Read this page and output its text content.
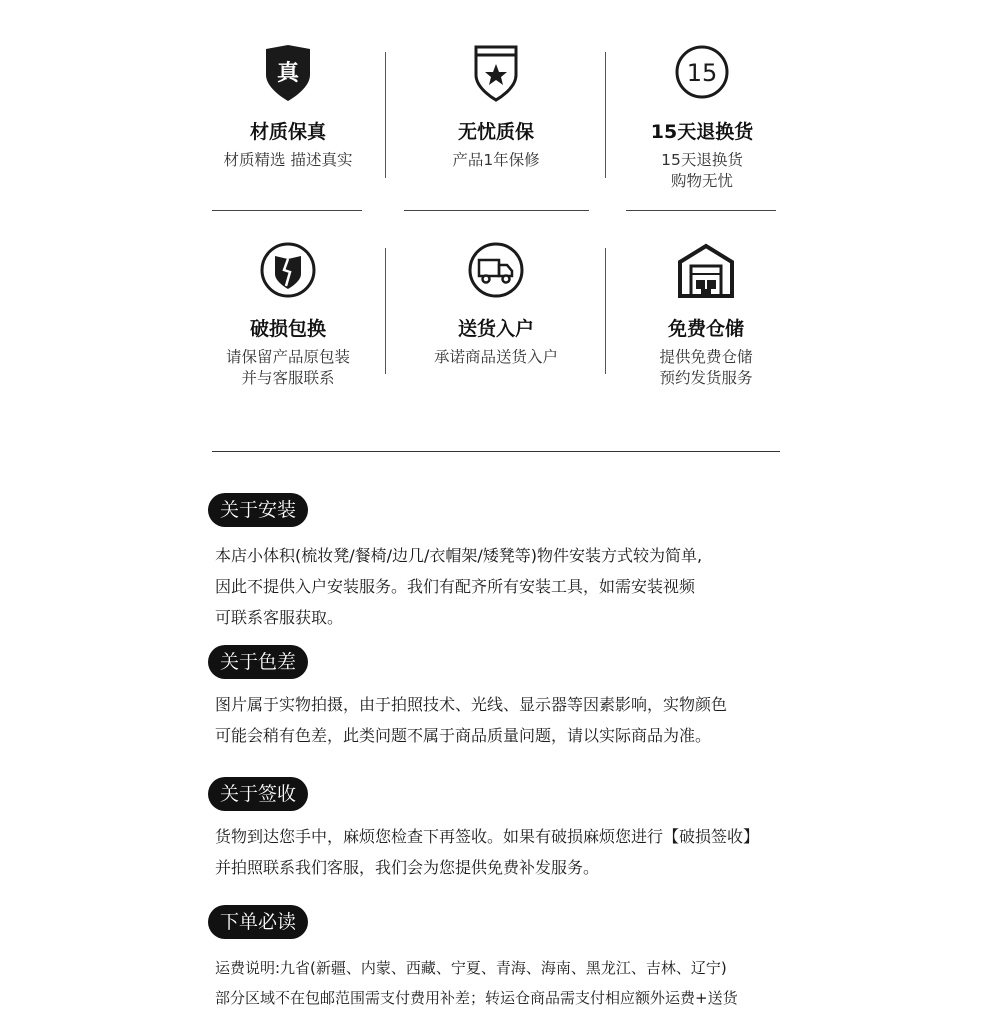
真
材质保真
材质精选 描述真实
无忧质保
产品1年保修
15
15天退换货
15天退换货
购物无忧
破损包换
请保留产品原包装
并与客服联系
送货入户
承诺商品送货入户
免费仓储
提供免费仓储
预约发货服务
关于安装
本店小体积(梳妆凳/餐椅/边几/衣帽架/矮凳等)物件安装方式较为简单,
因此不提供入户安装服务。我们有配齐所有安装工具，如需安装视频
可联系客服获取。
关于色差
图片属于实物拍摄，由于拍照技术、光线、显示器等因素影响，实物颜色
可能会稍有色差，此类问题不属于商品质量问题，请以实际商品为准。
关于签收
货物到达您手中，麻烦您检查下再签收。如果有破损麻烦您进行【破损签收】
并拍照联系我们客服，我们会为您提供免费补发服务。
下单必读
运费说明:九省(新疆、内蒙、西藏、宁夏、青海、海南、黑龙江、吉林、辽宁)
部分区域不在包邮范围需支付费用补差；转运仓商品需支付相应额外运费+送货
